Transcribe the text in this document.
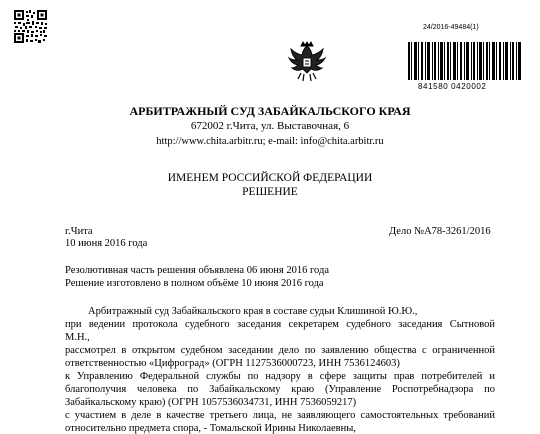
24/2016-49484(1)
841580 0420002
АРБИТРАЖНЫЙ СУД ЗАБАЙКАЛЬСКОГО КРАЯ
672002 г.Чита, ул. Выставочная, 6
http://www.chita.arbitr.ru; e-mail: info@chita.arbitr.ru
ИМЕНЕМ РОССИЙСКОЙ ФЕДЕРАЦИИ
РЕШЕНИЕ
г.Чита
10 июня 2016 года
Дело №А78-3261/2016
Резолютивная часть решения объявлена 06 июня 2016 года
Решение изготовлено в полном объёме 10 июня 2016 года
Арбитражный суд Забайкальского края в составе судьи Клишиной Ю.Ю.,
при ведении протокола судебного заседания секретарем судебного заседания Сытновой
М.Н.,
рассмотрел в открытом судебном заседании дело по заявлению общества с ограниченной
ответственностью «Цифроград» (ОГРН 1127536000723, ИНН 7536124603)
к Управлению Федеральной службы по надзору в сфере защиты прав потребителей и
благополучия человека по Забайкальскому краю (Управление Роспотребнадзора по
Забайкальскому краю) (ОГРН 1057536034731, ИНН 7536059217)
с участием в деле в качестве третьего лица, не заявляющего самостоятельных требований
относительно предмета спора, - Томальской Ирины Николаевны,
